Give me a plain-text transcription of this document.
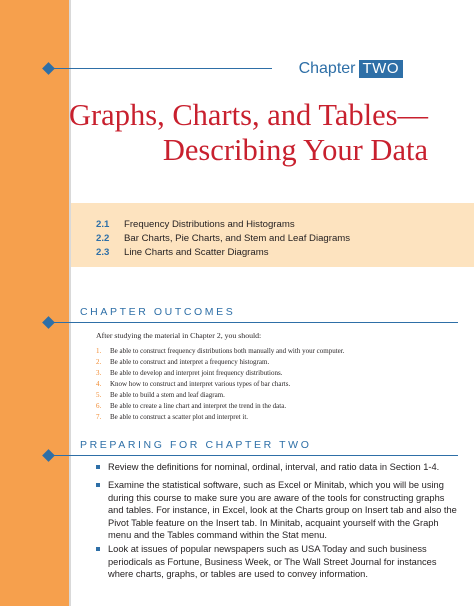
Chapter TWO
Graphs, Charts, and Tables—
Describing Your Data
2.1 Frequency Distributions and Histograms
2.2 Bar Charts, Pie Charts, and Stem and Leaf Diagrams
2.3 Line Charts and Scatter Diagrams
CHAPTER OUTCOMES
After studying the material in Chapter 2, you should:
1. Be able to construct frequency distributions both manually and with your computer.
2. Be able to construct and interpret a frequency histogram.
3. Be able to develop and interpret joint frequency distributions.
4. Know how to construct and interpret various types of bar charts.
5. Be able to build a stem and leaf diagram.
6. Be able to create a line chart and interpret the trend in the data.
7. Be able to construct a scatter plot and interpret it.
PREPARING FOR CHAPTER TWO
Review the definitions for nominal, ordinal, interval, and ratio data in Section 1-4.
Examine the statistical software, such as Excel or Minitab, which you will be using during this course to make sure you are aware of the tools for constructing graphs and tables. For instance, in Excel, look at the Charts group on Insert tab and also the Pivot Table feature on the Insert tab. In Minitab, acquaint yourself with the Graph menu and the Tables command within the Stat menu.
Look at issues of popular newspapers such as USA Today and such business periodicals as Fortune, Business Week, or The Wall Street Journal for instances where charts, graphs, or tables are used to convey information.
